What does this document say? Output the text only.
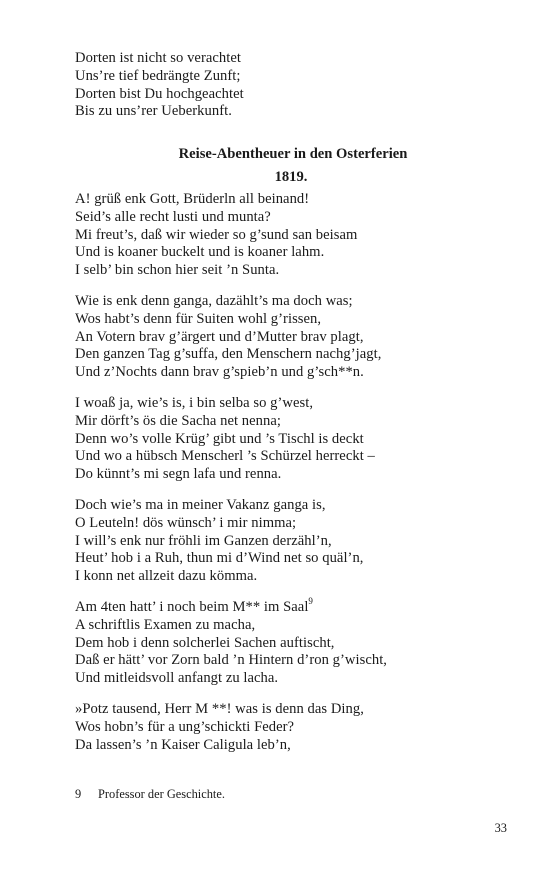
Dorten ist nicht so verachtet
Uns’re tief bedrängte Zunft;
Dorten bist Du hochgeachtet
Bis zu uns’rer Ueberkunft.
Reise-Abentheuer in den Osterferien
1819.
A! grüß enk Gott, Brüderln all beinand!
Seid’s alle recht lusti und munta?
Mi freut’s, daß wir wieder so g’sund san beisam
Und is koaner buckelt und is koaner lahm.
I selb’ bin schon hier seit ’n Sunta.
Wie is enk denn ganga, dazählt’s ma doch was;
Wos habt’s denn für Suiten wohl g’rissen,
An Votern brav g’ärgert und d’Mutter brav plagt,
Den ganzen Tag g’suffa, den Menschern nachg’jagt,
Und z’Nochts dann brav g’spieb’n und g’sch**n.
I woaß ja, wie’s is, i bin selba so g’west,
Mir dörft’s ös die Sacha net nenna;
Denn wo’s volle Krüg’ gibt und ’s Tischl is deckt
Und wo a hübsch Menscherl ’s Schürzel herreckt –
Do künnt’s mi segn lafa und renna.
Doch wie’s ma in meiner Vakanz ganga is,
O Leuteln! dös wünsch’ i mir nimma;
I will’s enk nur fröhli im Ganzen derzähl’n,
Heut’ hob i a Ruh, thun mi d’Wind net so quäl’n,
I konn net allzeit dazu kömma.
Am 4ten hatt’ i noch beim M** im Saal$^9$
A schriftlis Examen zu macha,
Dem hob i denn solcherlei Sachen auftischt,
Daß er hätt’ vor Zorn bald ’n Hintern d’ron g’wischt,
Und mitleidsvoll anfangt zu lacha.
»Potz tausend, Herr M **! was is denn das Ding,
Wos hobn’s für a ung’schickti Feder?
Da lassen’s ’n Kaiser Caligula leb’n,
9 Professor der Geschichte.
33
